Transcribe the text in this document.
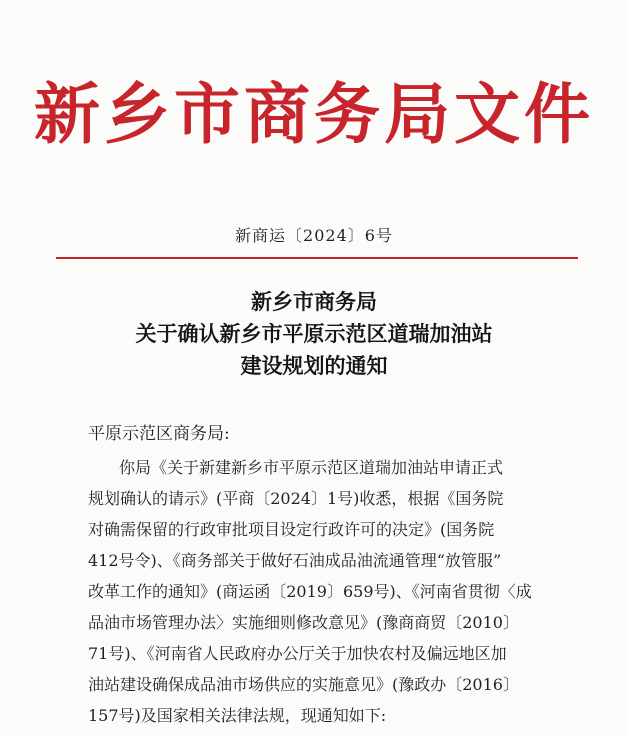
新乡市商务局文件
新商运〔2024〕6号
新乡市商务局
关于确认新乡市平原示范区道瑞加油站
建设规划的通知
平原示范区商务局:
你局《关于新建新乡市平原示范区道瑞加油站申请正式
规划确认的请示》(平商〔2024〕1号)收悉，根据《国务院
对确需保留的行政审批项目设定行政许可的决定》(国务院
412号令)、《商务部关于做好石油成品油流通管理“放管服”
改革工作的通知》(商运函〔2019〕659号)、《河南省贯彻〈成
品油市场管理办法〉实施细则修改意见》(豫商商贸〔2010〕
71号)、《河南省人民政府办公厅关于加快农村及偏远地区加
油站建设确保成品油市场供应的实施意见》(豫政办〔2016〕
157号)及国家相关法律法规，现通知如下:
